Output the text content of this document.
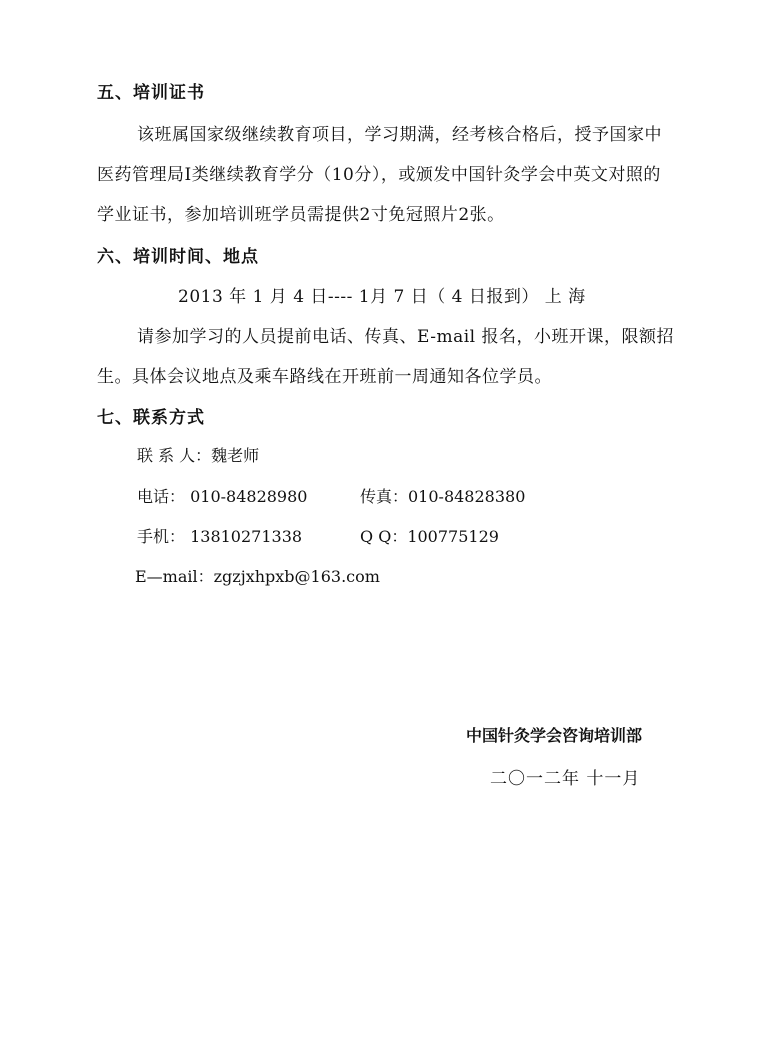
五、培训证书
该班属国家级继续教育项目，学习期满，经考核合格后，授予国家中
医药管理局I类继续教育学分（10分），或颁发中国针灸学会中英文对照的
学业证书，参加培训班学员需提供2寸免冠照片2张。
六、培训时间、地点
2013 年 1 月 4 日---- 1月 7 日（ 4 日报到） 上 海
请参加学习的人员提前电话、传真、E-mail 报名，小班开课，限额招
生。具体会议地点及乘车路线在开班前一周通知各位学员。
七、联系方式
联 系 人：魏老师
电话： 010-84828980	传真：010-84828380
手机： 13810271338	Q Q：100775129
E—mail：zgzjxhpxb@163.com
中国针灸学会咨询培训部
二〇一二年 十一月
